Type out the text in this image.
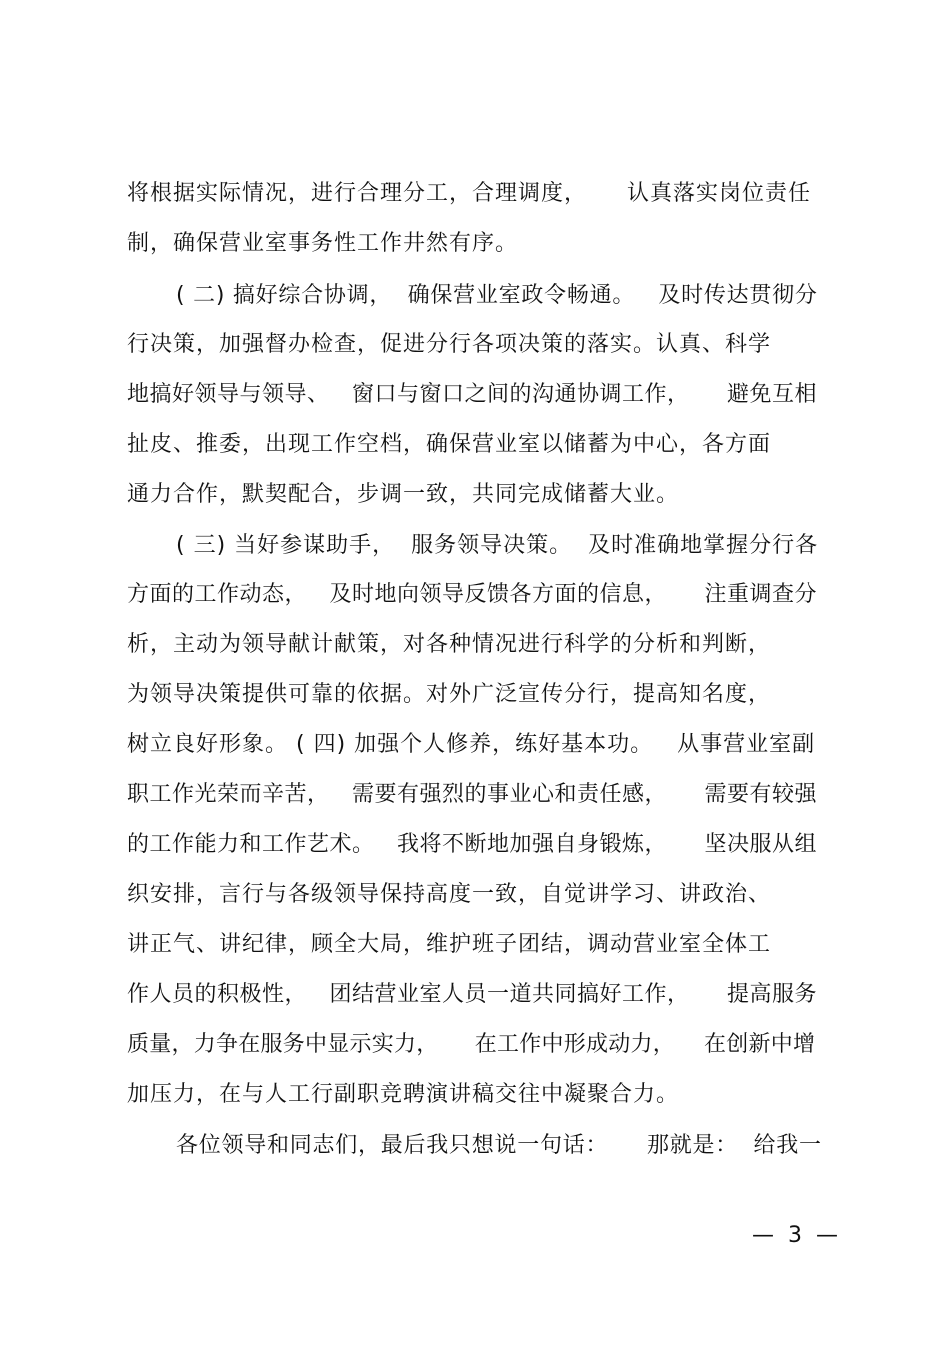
将根据实际情况，进行合理分工，合理调度，     认真落实岗位责任
制，确保营业室事务性工作井然有序。
( 二) 搞好综合协调，  确保营业室政令畅通。   及时传达贯彻分
行决策，加强督办检查，促进分行各项决策的落实。认真、科学
地搞好领导与领导、   窗口与窗口之间的沟通协调工作，     避免互相
扯皮、推委，出现工作空档，确保营业室以储蓄为中心，各方面
通力合作，默契配合，步调一致，共同完成储蓄大业。
( 三) 当好参谋助手，  服务领导决策。  及时准确地掌握分行各
方面的工作动态，   及时地向领导反馈各方面的信息，     注重调查分
析，主动为领导献计献策，对各种情况进行科学的分析和判断，
为领导决策提供可靠的依据。对外广泛宣传分行，提高知名度，
树立良好形象。 ( 四) 加强个人修养，练好基本功。   从事营业室副
职工作光荣而辛苦，   需要有强烈的事业心和责任感，     需要有较强
的工作能力和工作艺术。   我将不断地加强自身锻炼，     坚决服从组
织安排，言行与各级领导保持高度一致，自觉讲学习、讲政治、
讲正气、讲纪律，顾全大局，维护班子团结，调动营业室全体工
作人员的积极性，   团结营业室人员一道共同搞好工作，     提高服务
质量，力争在服务中显示实力，     在工作中形成动力，    在创新中增
加压力，在与人工行副职竞聘演讲稿交往中凝聚合力。
各位领导和同志们，最后我只想说一句话：     那就是：  给我一
—  3  —
